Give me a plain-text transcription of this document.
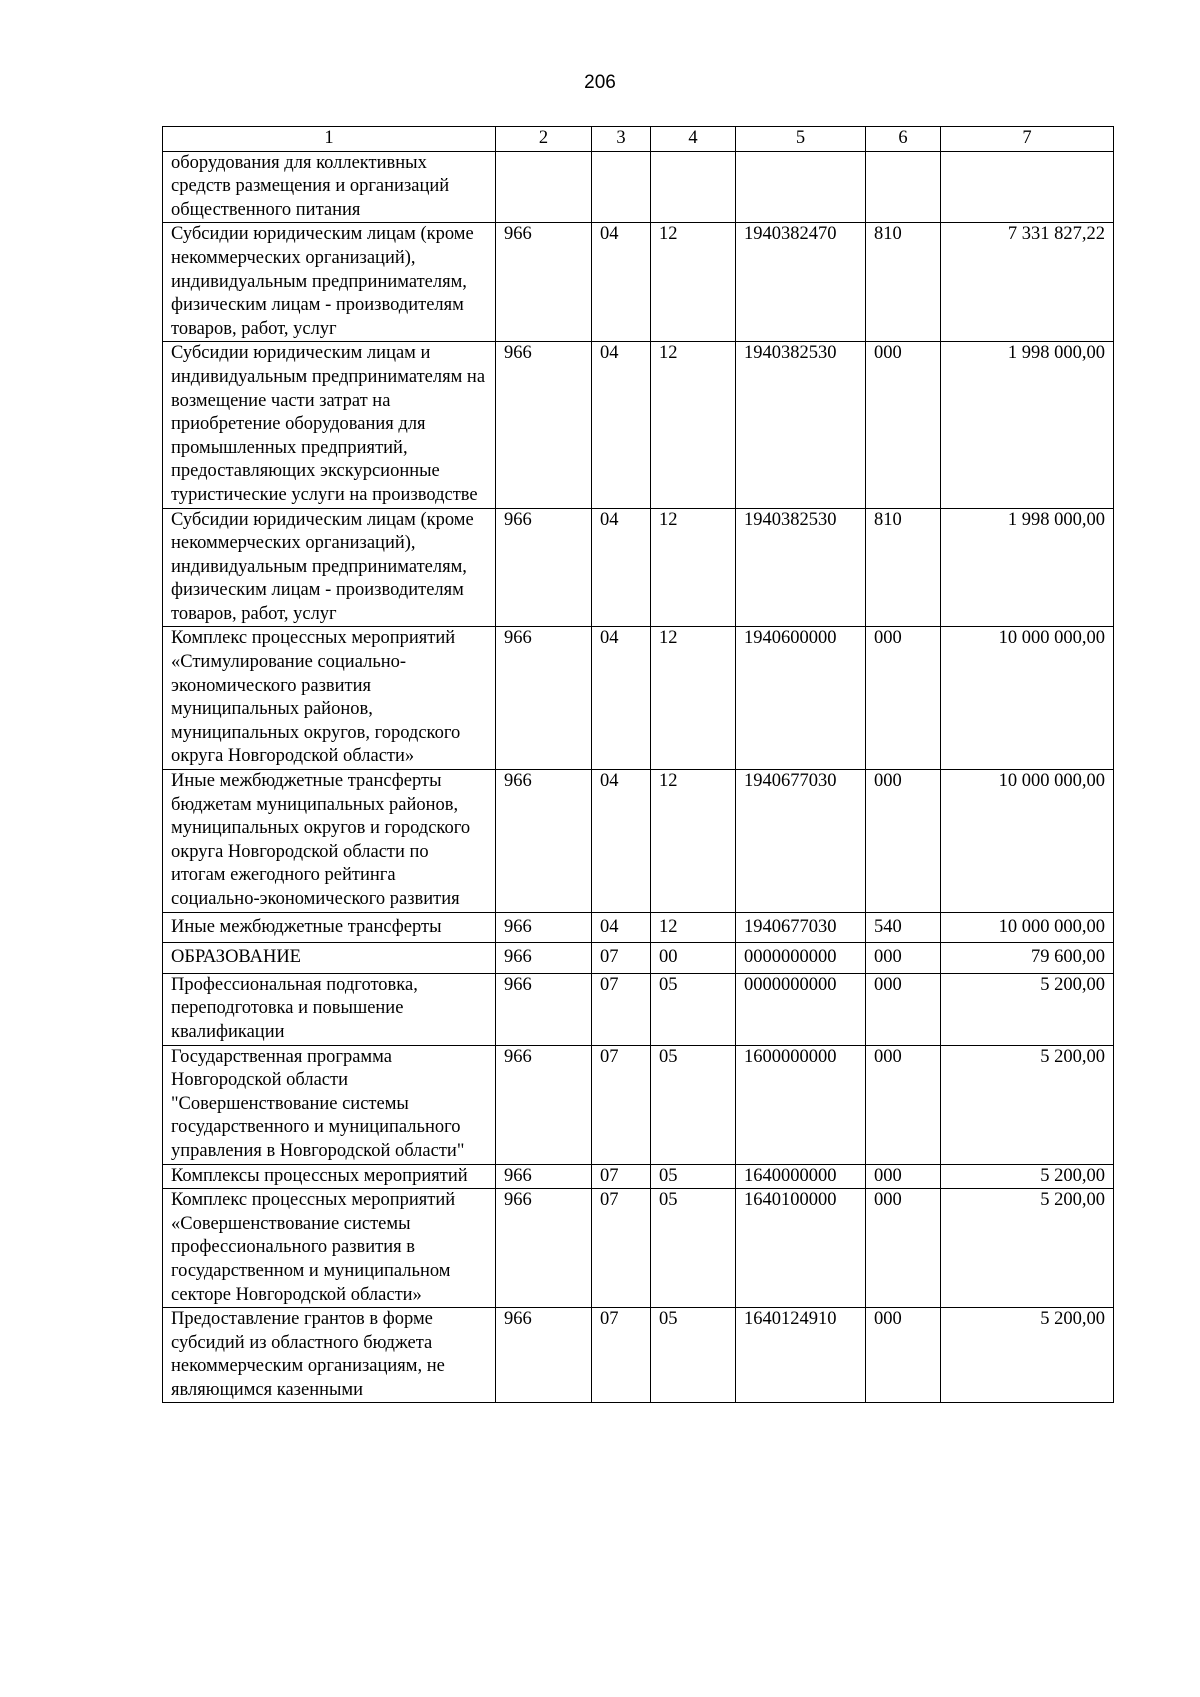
206
1	2	3	4	5	6	7
оборудования для коллективных средств размещения и организаций общественного питания						
Субсидии юридическим лицам (кроме некоммерческих организаций), индивидуальным предпринимателям, физическим лицам - производителям товаров, работ, услуг	966	04	12	1940382470	810	7 331 827,22
Субсидии юридическим лицам и индивидуальным предпринимателям на возмещение части затрат на приобретение оборудования для промышленных предприятий, предоставляющих экскурсионные туристические услуги на производстве	966	04	12	1940382530	000	1 998 000,00
Субсидии юридическим лицам (кроме некоммерческих организаций), индивидуальным предпринимателям, физическим лицам - производителям товаров, работ, услуг	966	04	12	1940382530	810	1 998 000,00
Комплекс процессных мероприятий «Стимулирование социально-экономического развития муниципальных районов, муниципальных округов, городского округа Новгородской области»	966	04	12	1940600000	000	10 000 000,00
Иные межбюджетные трансферты бюджетам муниципальных районов, муниципальных округов и городского округа Новгородской области по итогам ежегодного рейтинга социально-экономического развития	966	04	12	1940677030	000	10 000 000,00
Иные межбюджетные трансферты	966	04	12	1940677030	540	10 000 000,00
ОБРАЗОВАНИЕ	966	07	00	0000000000	000	79 600,00
Профессиональная подготовка, переподготовка и повышение квалификации	966	07	05	0000000000	000	5 200,00
Государственная программа Новгородской области "Совершенствование системы государственного и муниципального управления в Новгородской области"	966	07	05	1600000000	000	5 200,00
Комплексы процессных мероприятий	966	07	05	1640000000	000	5 200,00
Комплекс процессных мероприятий «Совершенствование системы профессионального развития в государственном и муниципальном секторе Новгородской области»	966	07	05	1640100000	000	5 200,00
Предоставление грантов в форме субсидий из областного бюджета некоммерческим организациям, не являющимся казенными	966	07	05	1640124910	000	5 200,00
